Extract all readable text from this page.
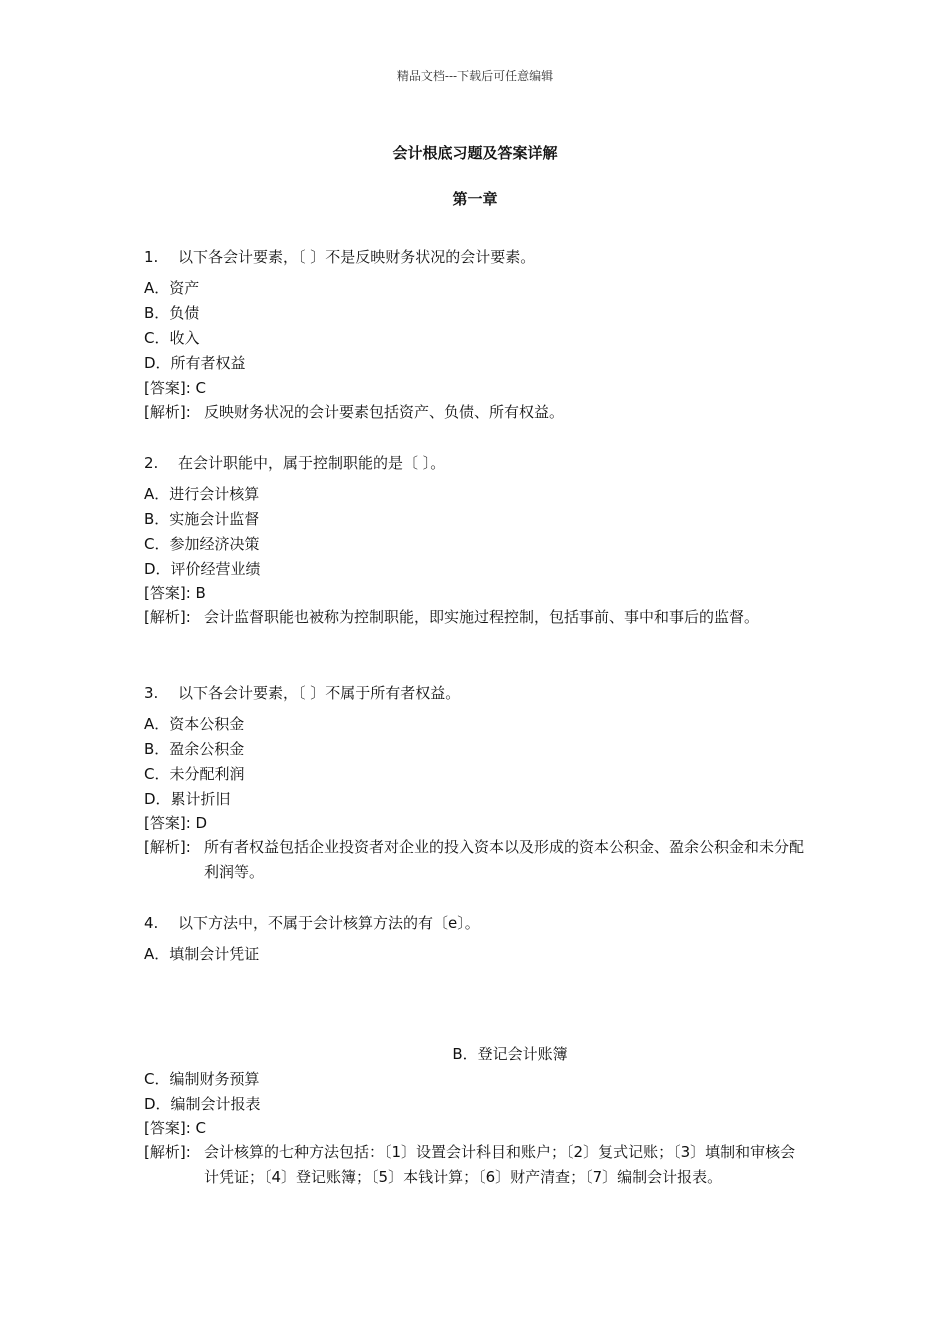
精品文档---下载后可任意编辑
会计根底习题及答案详解
第一章
1. 以下各会计要素，〔 〕不是反映财务状况的会计要素。
A．资产
B．负债
C．收入
D．所有者权益
[答案]: C
[解析]: 反映财务状况的会计要素包括资产、负债、所有权益。
2. 在会计职能中，属于控制职能的是〔 〕。
A．进行会计核算
B．实施会计监督
C．参加经济决策
D．评价经营业绩
[答案]: B
[解析]: 会计监督职能也被称为控制职能，即实施过程控制，包括事前、事中和事后的监督。
3. 以下各会计要素，〔 〕不属于所有者权益。
A．资本公积金
B．盈余公积金
C．未分配利润
D．累计折旧
[答案]: D
[解析]: 所有者权益包括企业投资者对企业的投入资本以及形成的资本公积金、盈余公积金和未分配利润等。
4. 以下方法中，不属于会计核算方法的有〔e〕。
A．填制会计凭证
B．登记会计账簿
C．编制财务预算
D．编制会计报表
[答案]: C
[解析]: 会计核算的七种方法包括：〔1〕设置会计科目和账户；〔2〕复式记账；〔3〕填制和审核会计凭证；〔4〕登记账簿；〔5〕本钱计算；〔6〕财产清查；〔7〕编制会计报表。
